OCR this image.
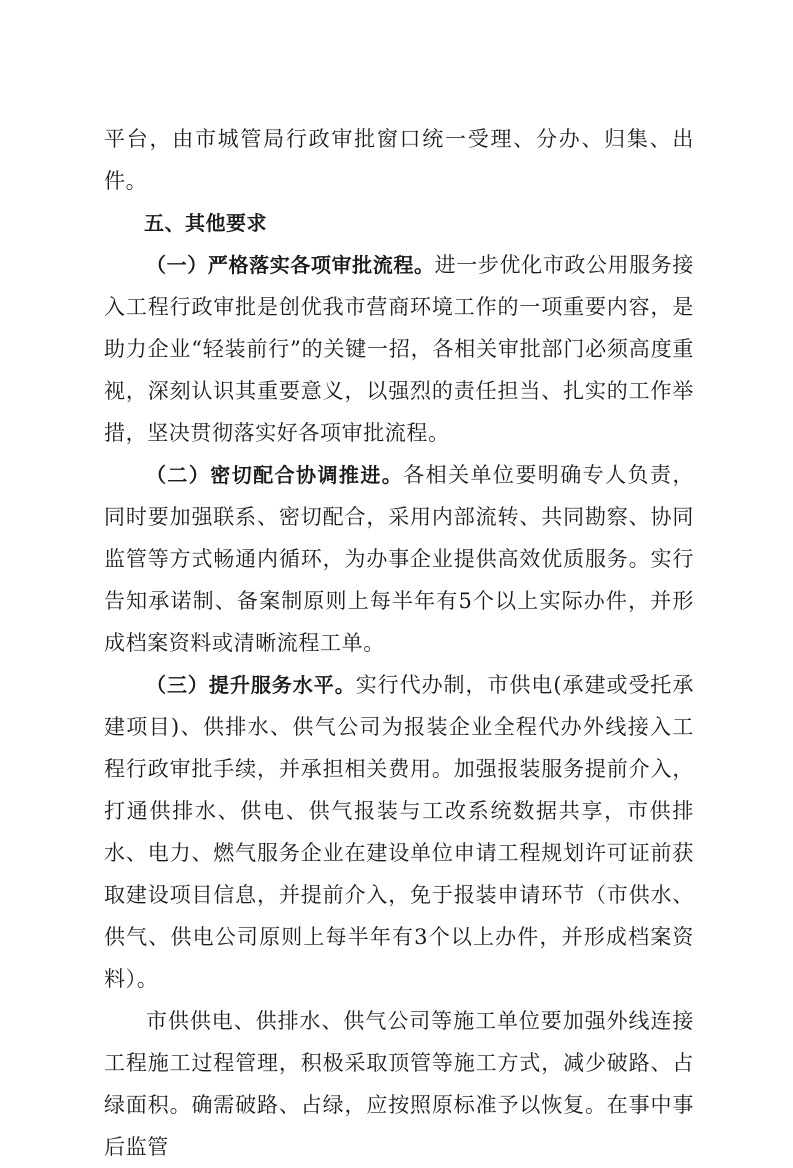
平台，由市城管局行政审批窗口统一受理、分办、归集、出件。

五、其他要求

（一）严格落实各项审批流程。进一步优化市政公用服务接入工程行政审批是创优我市营商环境工作的一项重要内容，是助力企业“轻装前行”的关键一招，各相关审批部门必须高度重视，深刻认识其重要意义，以强烈的责任担当、扎实的工作举措，坚决贯彻落实好各项审批流程。

（二）密切配合协调推进。各相关单位要明确专人负责，同时要加强联系、密切配合，采用内部流转、共同勘察、协同监管等方式畅通内循环，为办事企业提供高效优质服务。实行告知承诺制、备案制原则上每半年有5个以上实际办件，并形成档案资料或清晰流程工单。

（三）提升服务水平。实行代办制，市供电(承建或受托承建项目)、供排水、供气公司为报装企业全程代办外线接入工程行政审批手续，并承担相关费用。加强报装服务提前介入，打通供排水、供电、供气报装与工改系统数据共享，市供排水、电力、燃气服务企业在建设单位申请工程规划许可证前获取建设项目信息，并提前介入，免于报装申请环节（市供水、供气、供电公司原则上每半年有3个以上办件，并形成档案资料）。

市供供电、供排水、供气公司等施工单位要加强外线连接工程施工过程管理，积极采取顶管等施工方式，减少破路、占绿面积。确需破路、占绿，应按照原标准予以恢复。在事中事后监管
